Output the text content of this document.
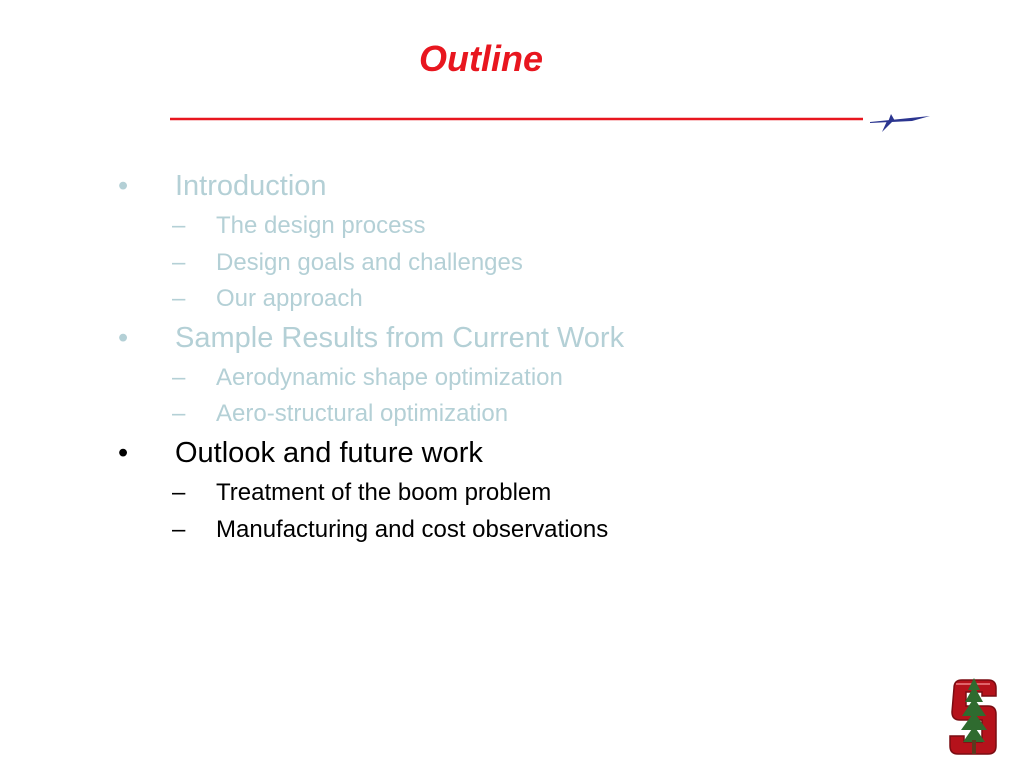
Outline
•	Introduction
– The design process
– Design goals and challenges
– Our approach
•	Sample Results from Current Work
– Aerodynamic shape optimization
– Aero-structural optimization
•	Outlook and future work
– Treatment of the boom problem
– Manufacturing and cost observations
